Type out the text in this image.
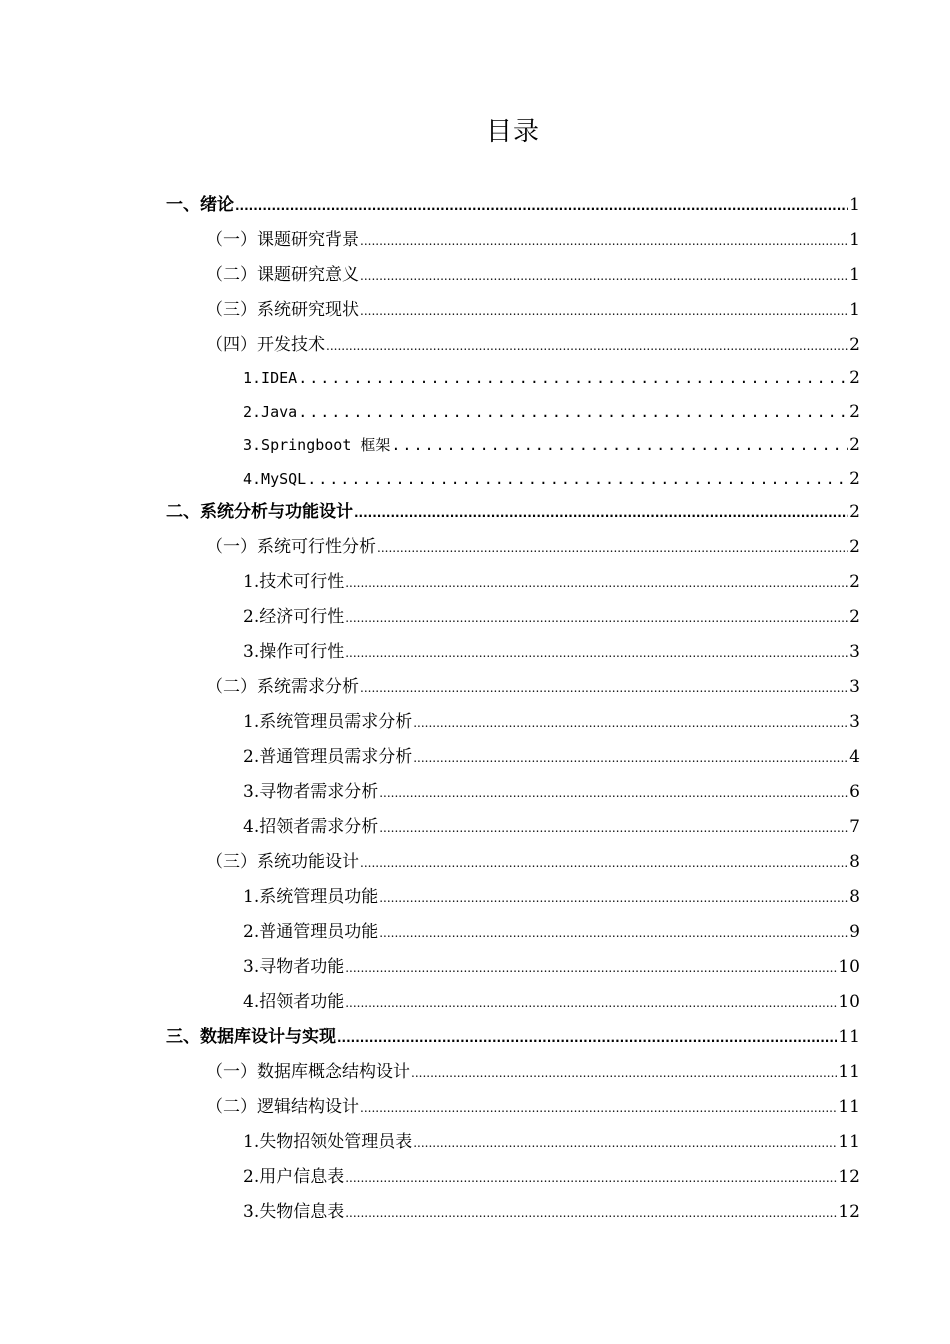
目录
一、绪论 .....	1
（一）课题研究背景 .....	1
（二）课题研究意义 .....	1
（三）系统研究现状 .....	1
（四）开发技术 .....	2
1.IDEA .....	2
2.Java .....	2
3.Springboot 框架 .....	2
4.MySQL .....	2
二、系统分析与功能设计 .....	2
（一）系统可行性分析 .....	2
1.技术可行性 .....	2
2.经济可行性 .....	2
3.操作可行性 .....	3
（二）系统需求分析 .....	3
1.系统管理员需求分析 .....	3
2.普通管理员需求分析 .....	4
3.寻物者需求分析 .....	6
4.招领者需求分析 .....	7
（三）系统功能设计 .....	8
1.系统管理员功能 .....	8
2.普通管理员功能 .....	9
3.寻物者功能 .....	10
4.招领者功能 .....	10
三、数据库设计与实现 .....	11
（一）数据库概念结构设计 .....	11
（二）逻辑结构设计 .....	11
1.失物招领处管理员表 .....	11
2.用户信息表 .....	12
3.失物信息表 .....	12
